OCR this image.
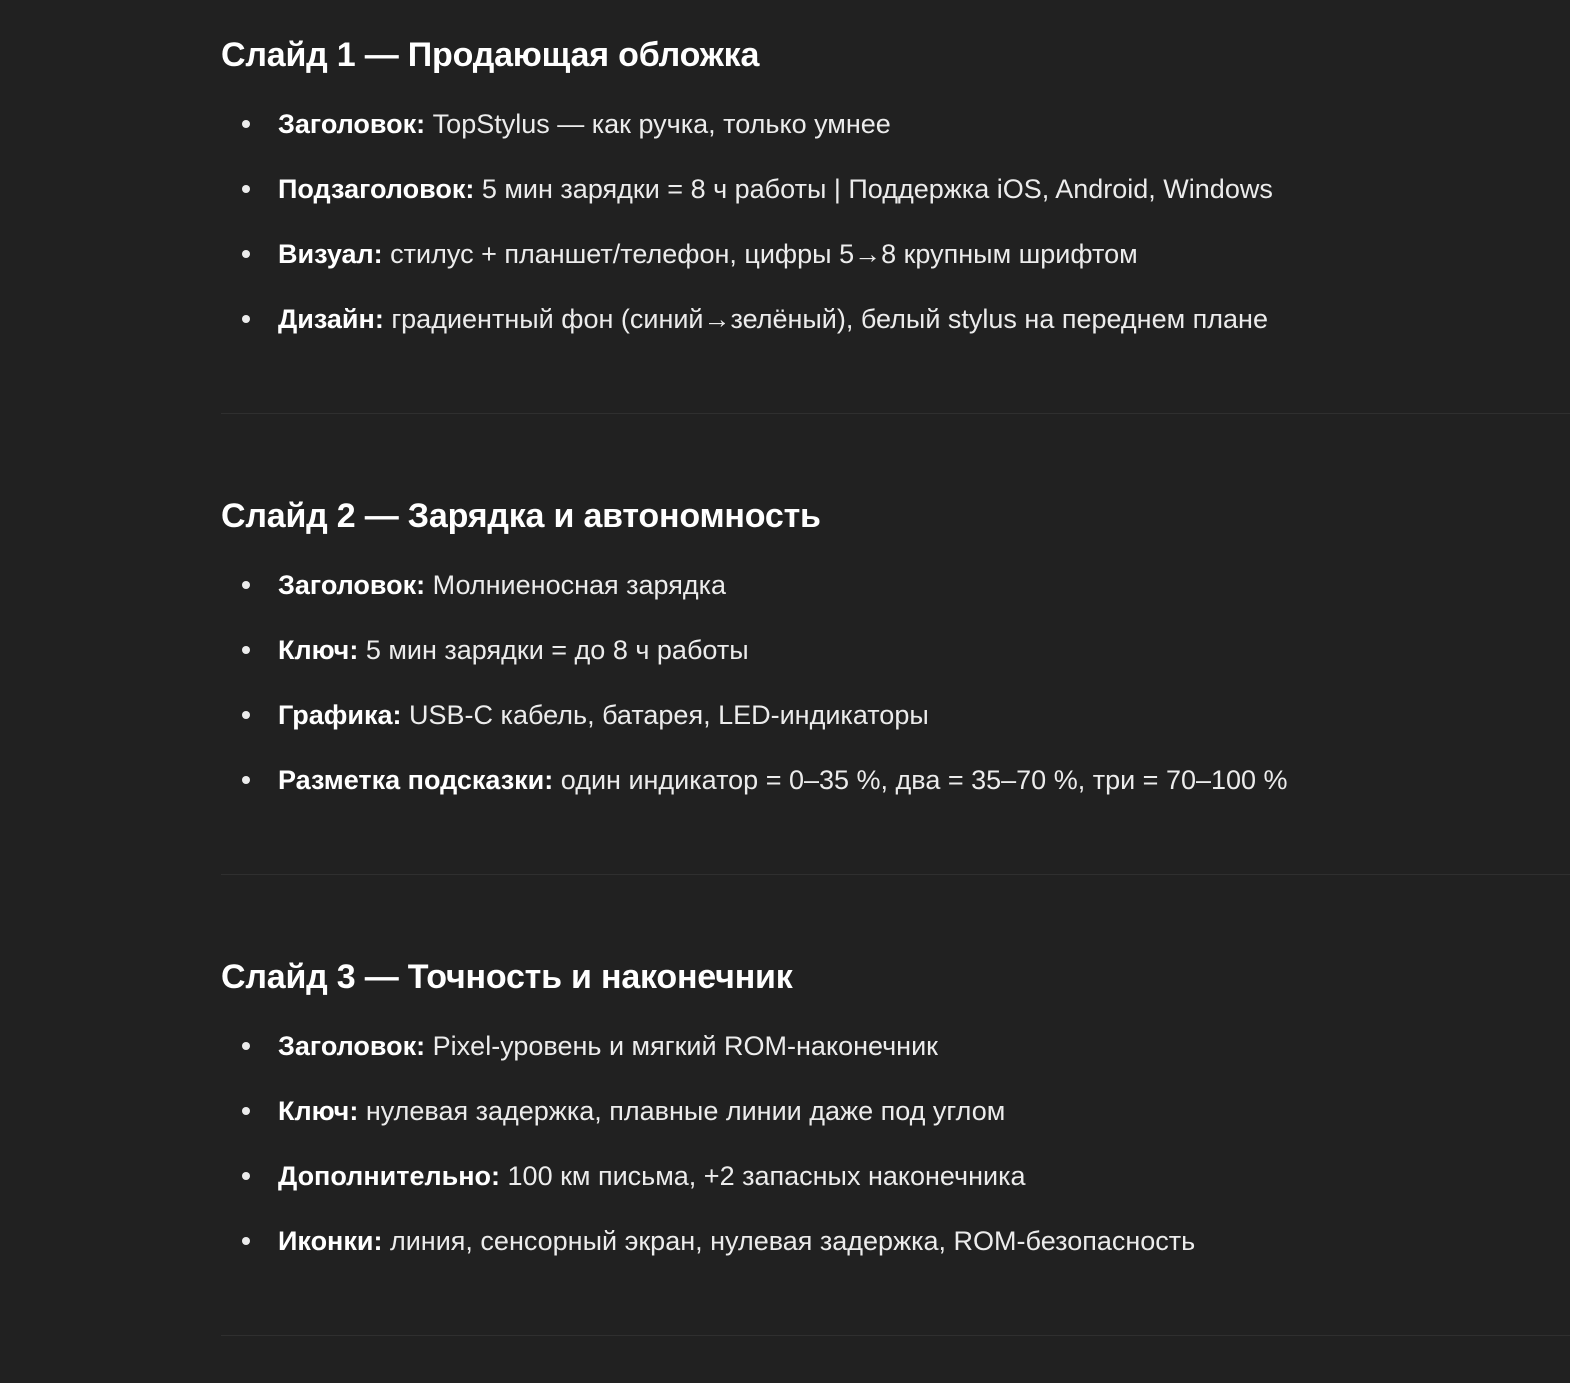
Слайд 1 — Продающая обложка
Заголовок: TopStylus — как ручка, только умнее
Подзаголовок: 5 мин зарядки = 8 ч работы | Поддержка iOS, Android, Windows
Визуал: стилус + планшет/телефон, цифры 5→8 крупным шрифтом
Дизайн: градиентный фон (синий→зелёный), белый stylus на переднем плане
Слайд 2 — Зарядка и автономность
Заголовок: Молниеносная зарядка
Ключ: 5 мин зарядки = до 8 ч работы
Графика: USB-C кабель, батарея, LED-индикаторы
Разметка подсказки: один индикатор = 0–35 %, два = 35–70 %, три = 70–100 %
Слайд 3 — Точность и наконечник
Заголовок: Pixel-уровень и мягкий ROM-наконечник
Ключ: нулевая задержка, плавные линии даже под углом
Дополнительно: 100 км письма, +2 запасных наконечника
Иконки: линия, сенсорный экран, нулевая задержка, ROM-безопасность
